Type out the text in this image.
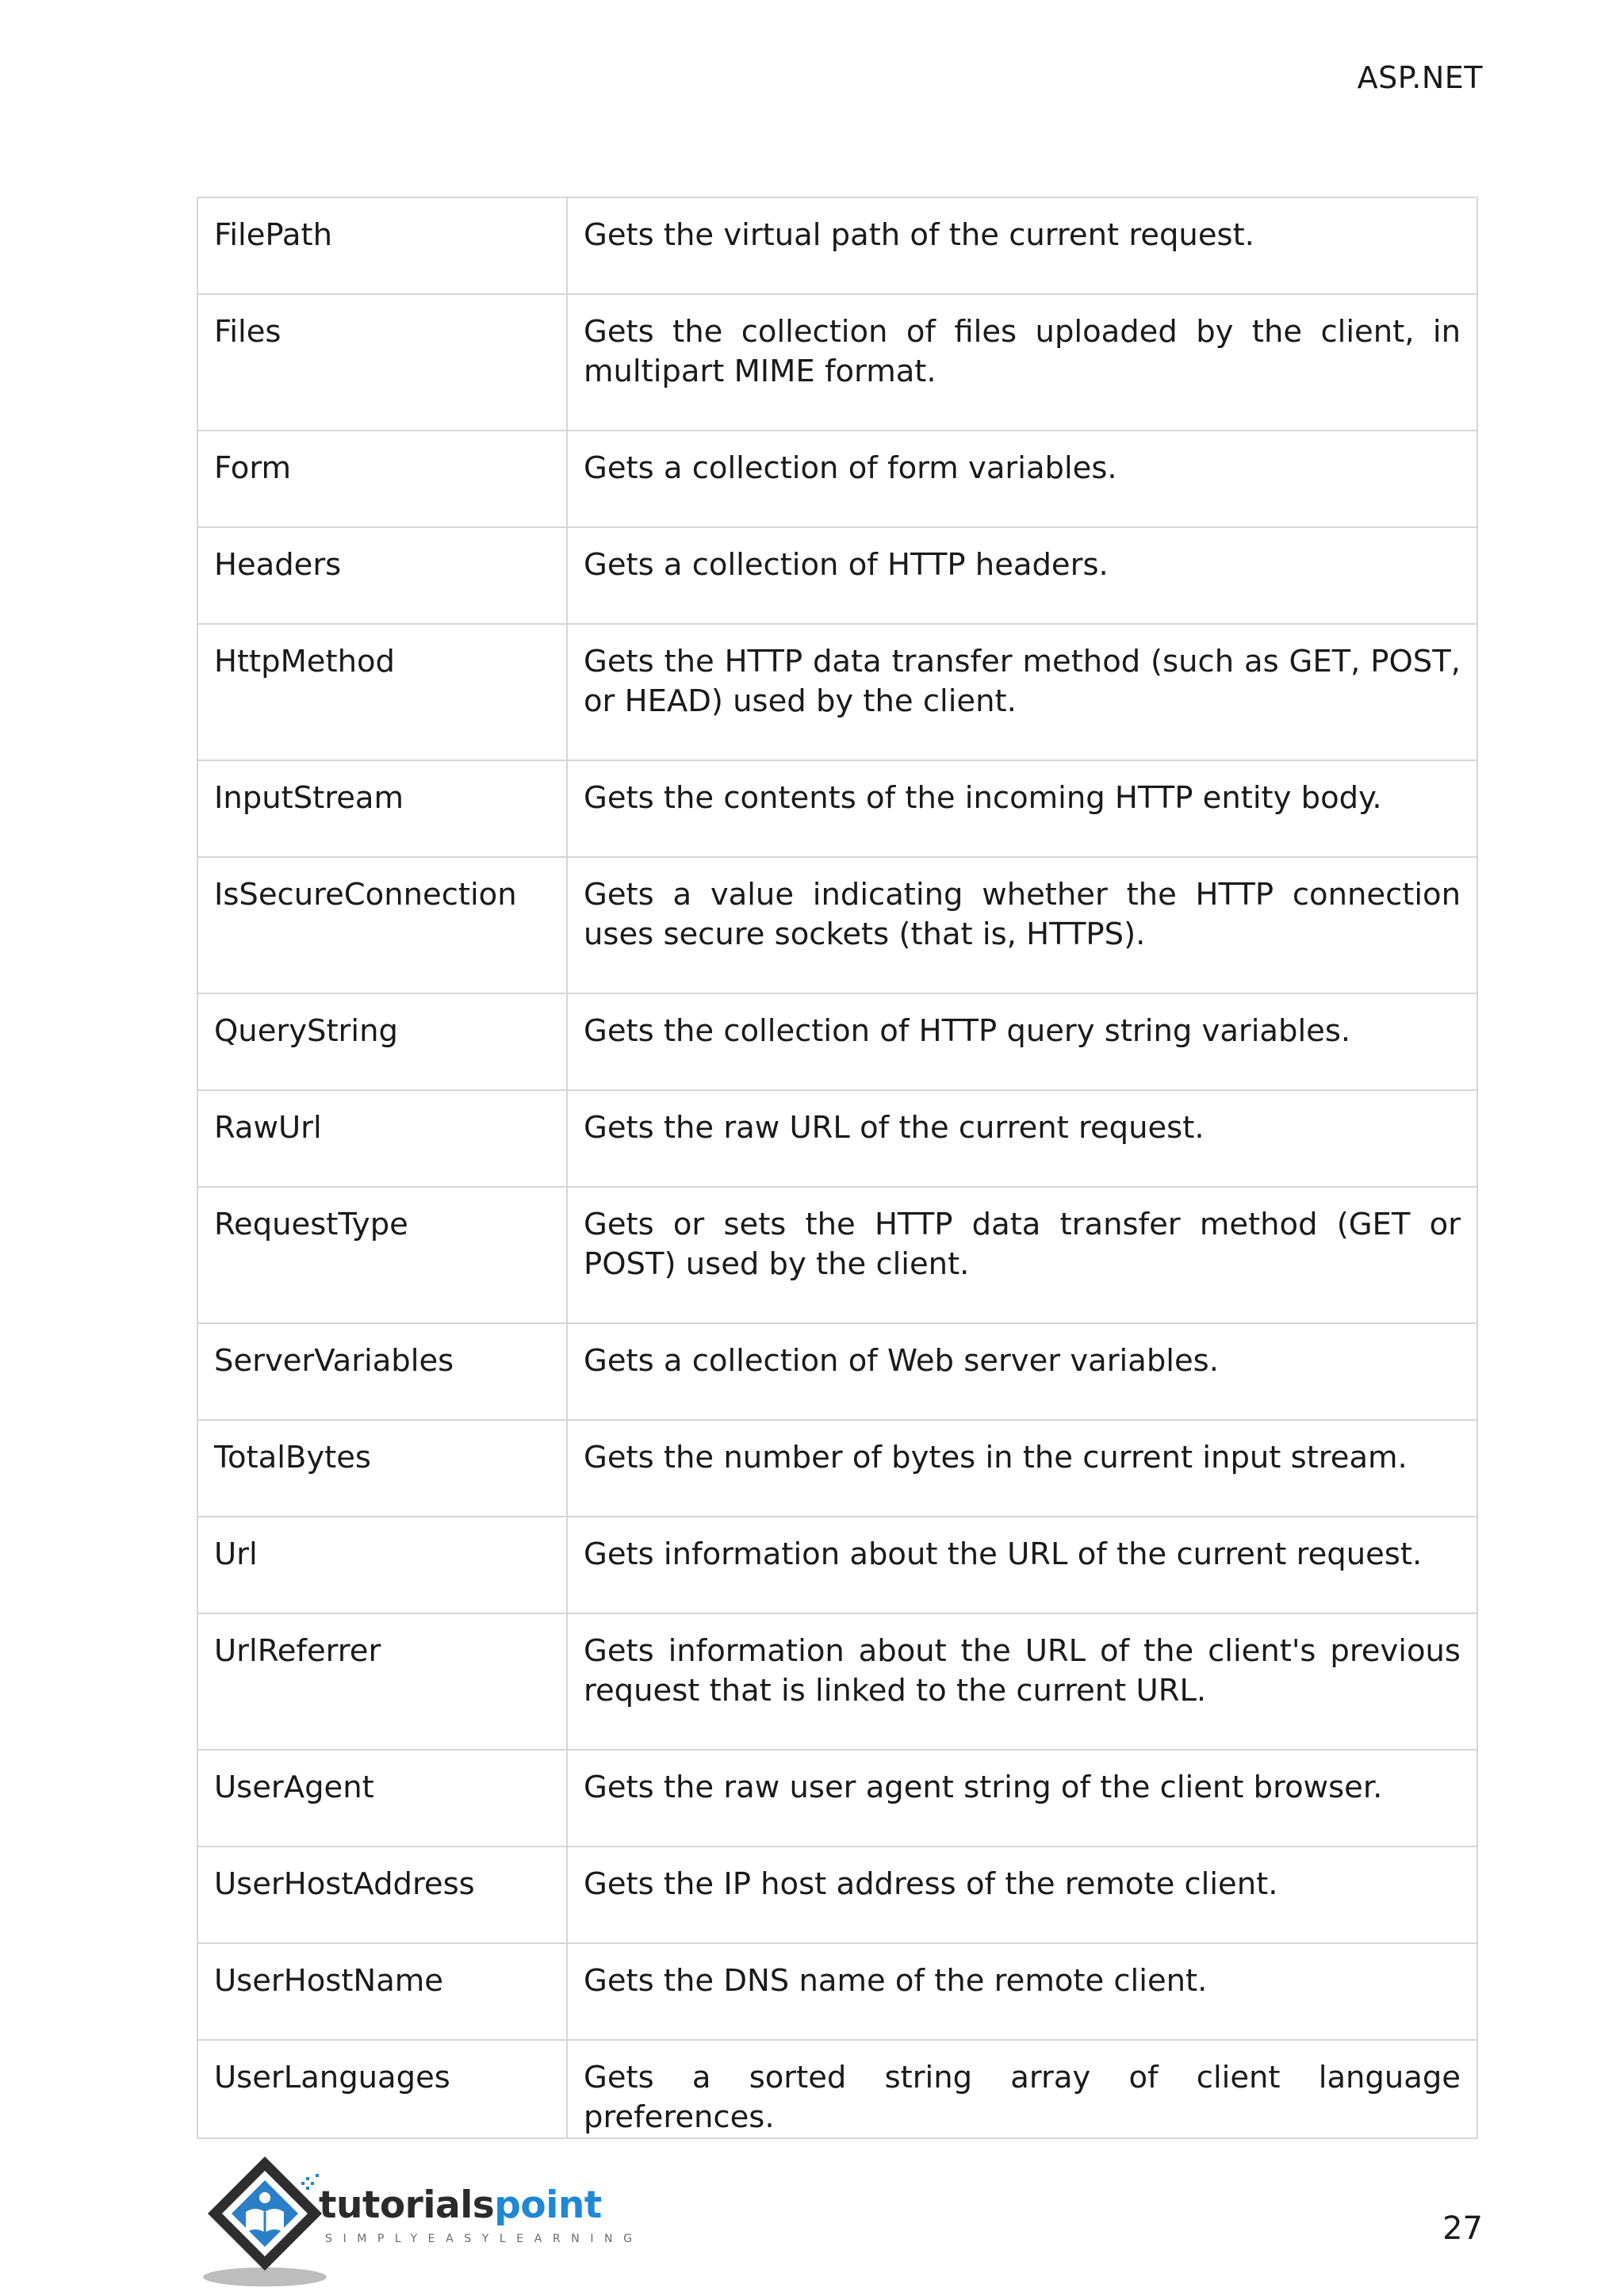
ASP.NET
FilePath	Gets the virtual path of the current request.
Files	Gets the collection of files uploaded by the client, in multipart MIME format.
Form	Gets a collection of form variables.
Headers	Gets a collection of HTTP headers.
HttpMethod	Gets the HTTP data transfer method (such as GET, POST, or HEAD) used by the client.
InputStream	Gets the contents of the incoming HTTP entity body.
IsSecureConnection	Gets a value indicating whether the HTTP connection uses secure sockets (that is, HTTPS).
QueryString	Gets the collection of HTTP query string variables.
RawUrl	Gets the raw URL of the current request.
RequestType	Gets or sets the HTTP data transfer method (GET or POST) used by the client.
ServerVariables	Gets a collection of Web server variables.
TotalBytes	Gets the number of bytes in the current input stream.
Url	Gets information about the URL of the current request.
UrlReferrer	Gets information about the URL of the client's previous request that is linked to the current URL.
UserAgent	Gets the raw user agent string of the client browser.
UserHostAddress	Gets the IP host address of the remote client.
UserHostName	Gets the DNS name of the remote client.
UserLanguages	Gets a sorted string array of client language preferences.
tutorialspoint
SIMPLYEASYLEARNING	27
